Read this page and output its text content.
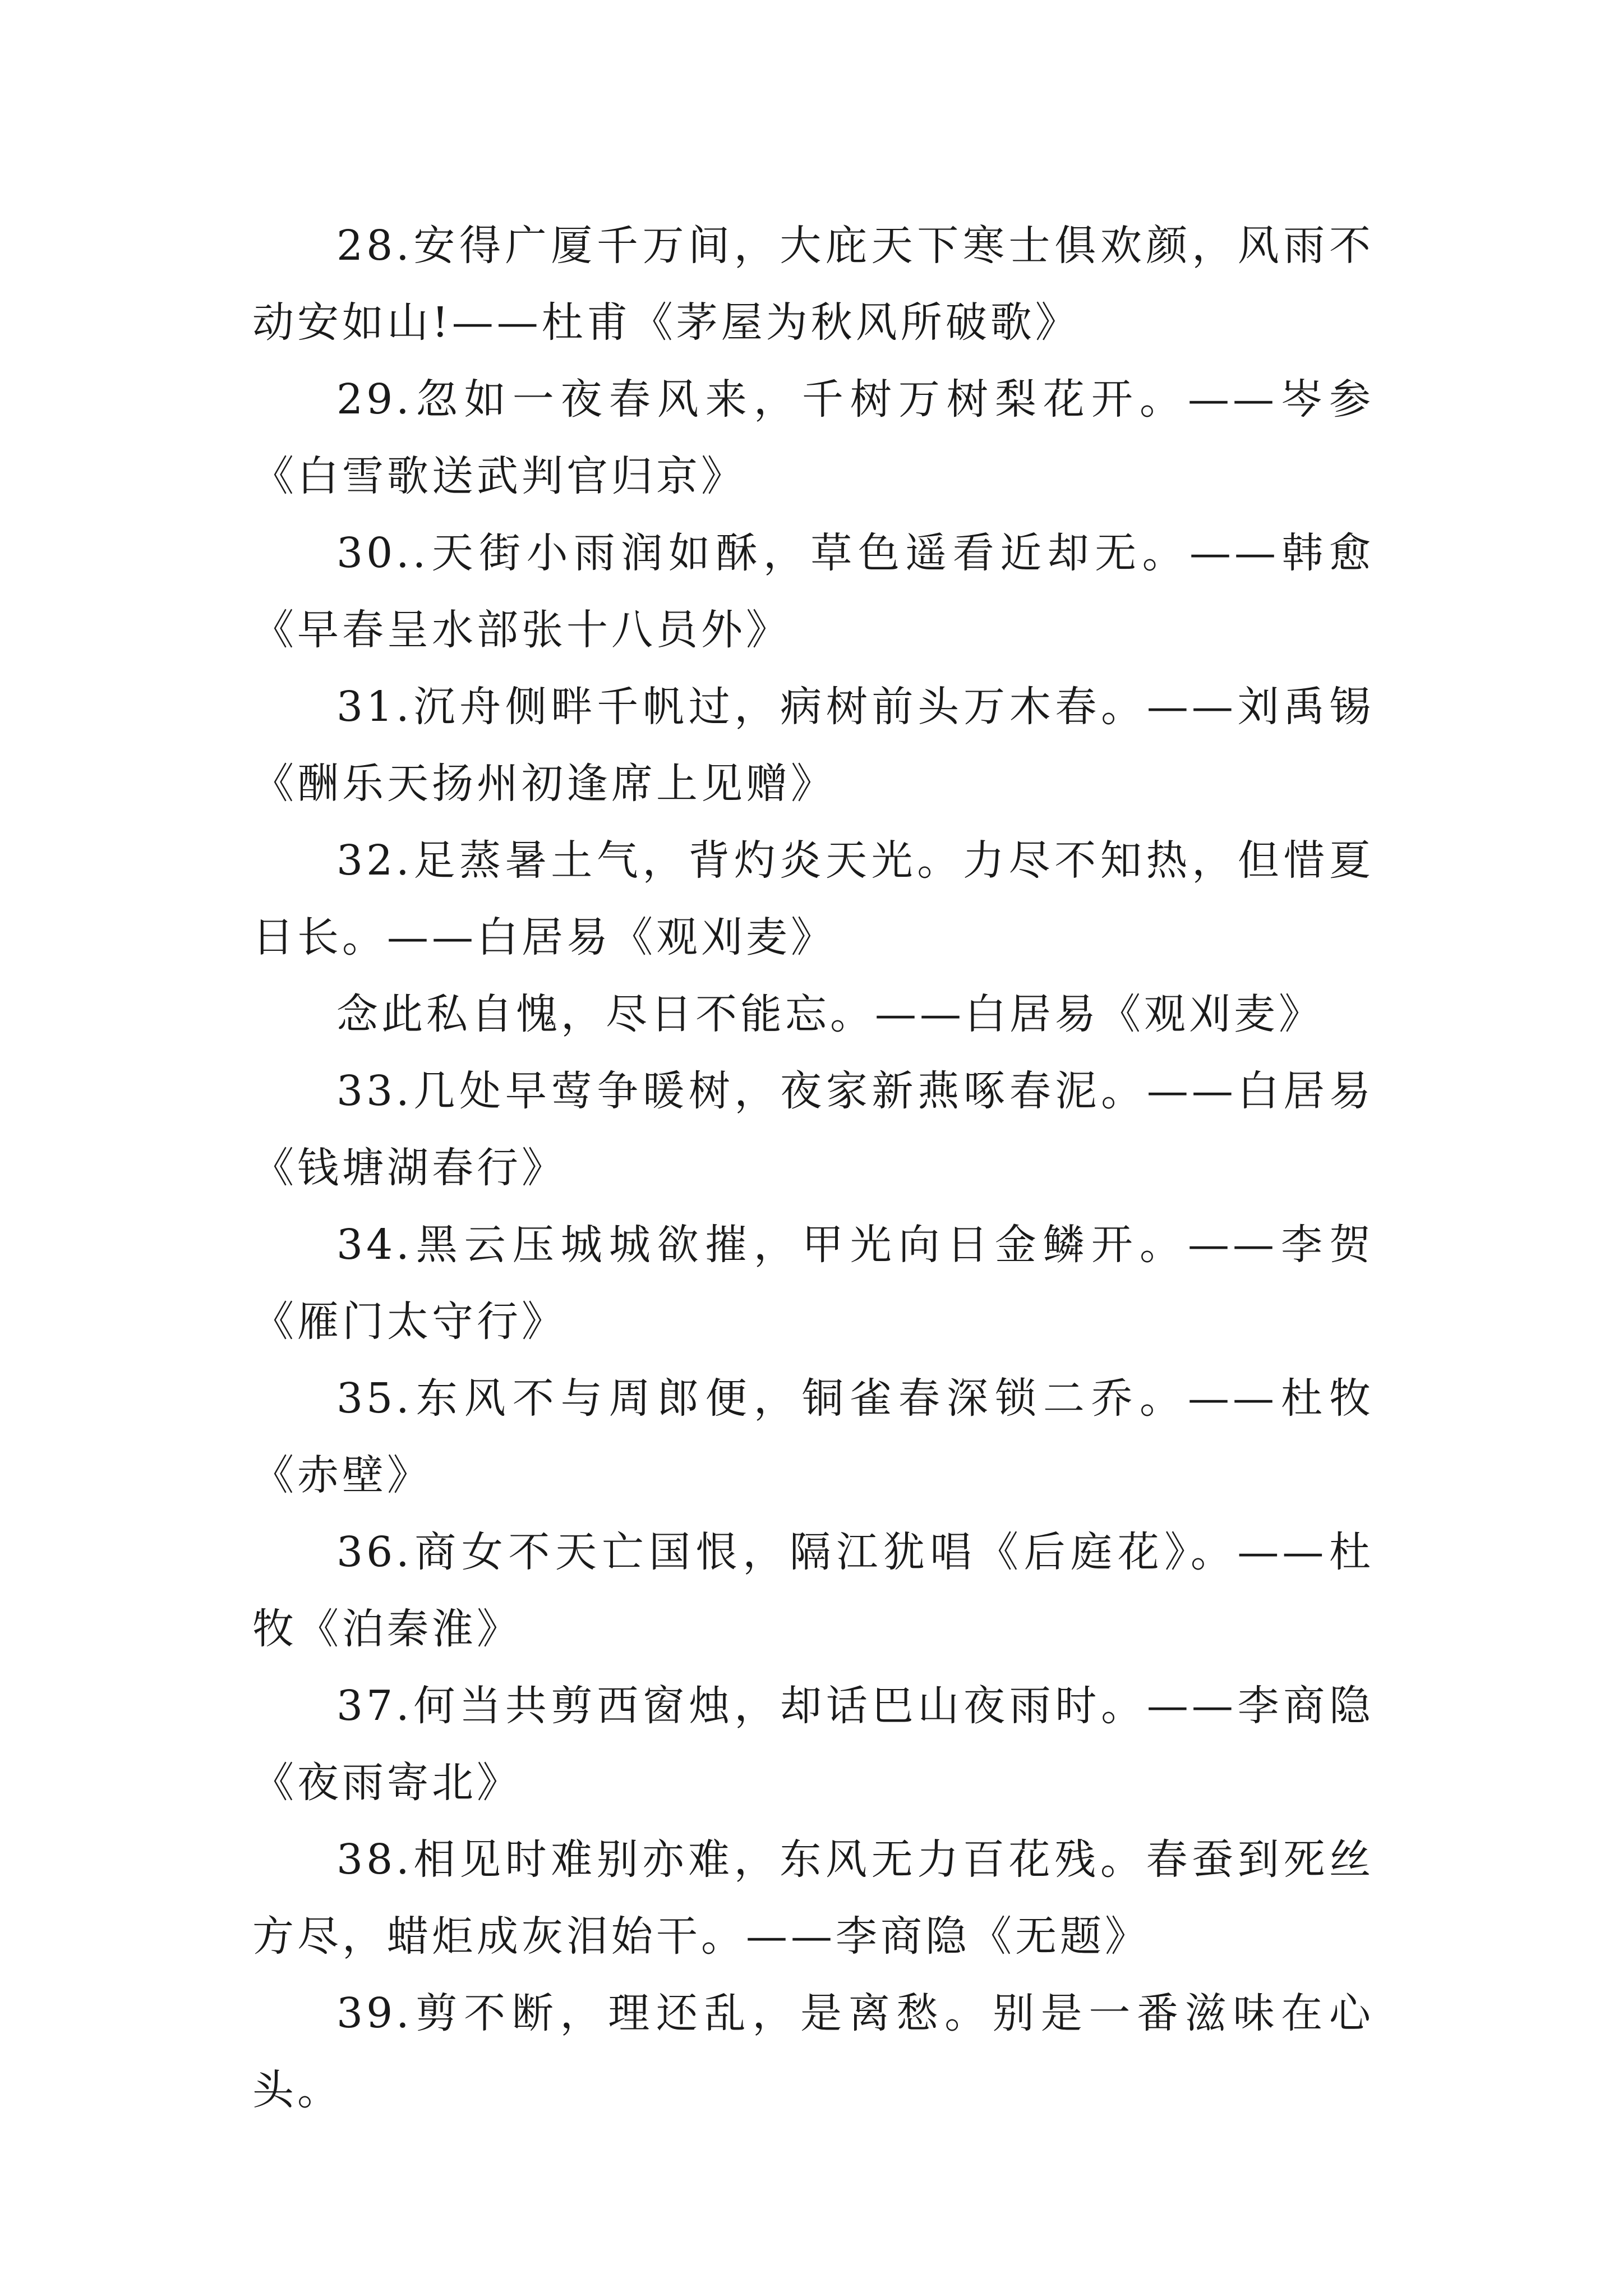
28.安得广厦千万间，大庇天下寒士俱欢颜，风雨不动安如山!——杜甫《茅屋为秋风所破歌》

29.忽如一夜春风来，千树万树梨花开。——岑参《白雪歌送武判官归京》

30..天街小雨润如酥，草色遥看近却无。——韩愈《早春呈水部张十八员外》

31.沉舟侧畔千帆过，病树前头万木春。——刘禹锡《酬乐天扬州初逢席上见赠》

32.足蒸暑土气，背灼炎天光。力尽不知热，但惜夏日长。——白居易《观刈麦》

念此私自愧，尽日不能忘。——白居易《观刈麦》

33.几处早莺争暖树，夜家新燕啄春泥。——白居易《钱塘湖春行》

34.黑云压城城欲摧，甲光向日金鳞开。——李贺《雁门太守行》

35.东风不与周郎便，铜雀春深锁二乔。——杜牧《赤壁》

36.商女不天亡国恨，隔江犹唱《后庭花》。——杜牧《泊秦淮》

37.何当共剪西窗烛，却话巴山夜雨时。——李商隐《夜雨寄北》

38.相见时难别亦难，东风无力百花残。春蚕到死丝方尽，蜡炬成灰泪始干。——李商隐《无题》

39.剪不断，理还乱，是离愁。别是一番滋味在心头。
